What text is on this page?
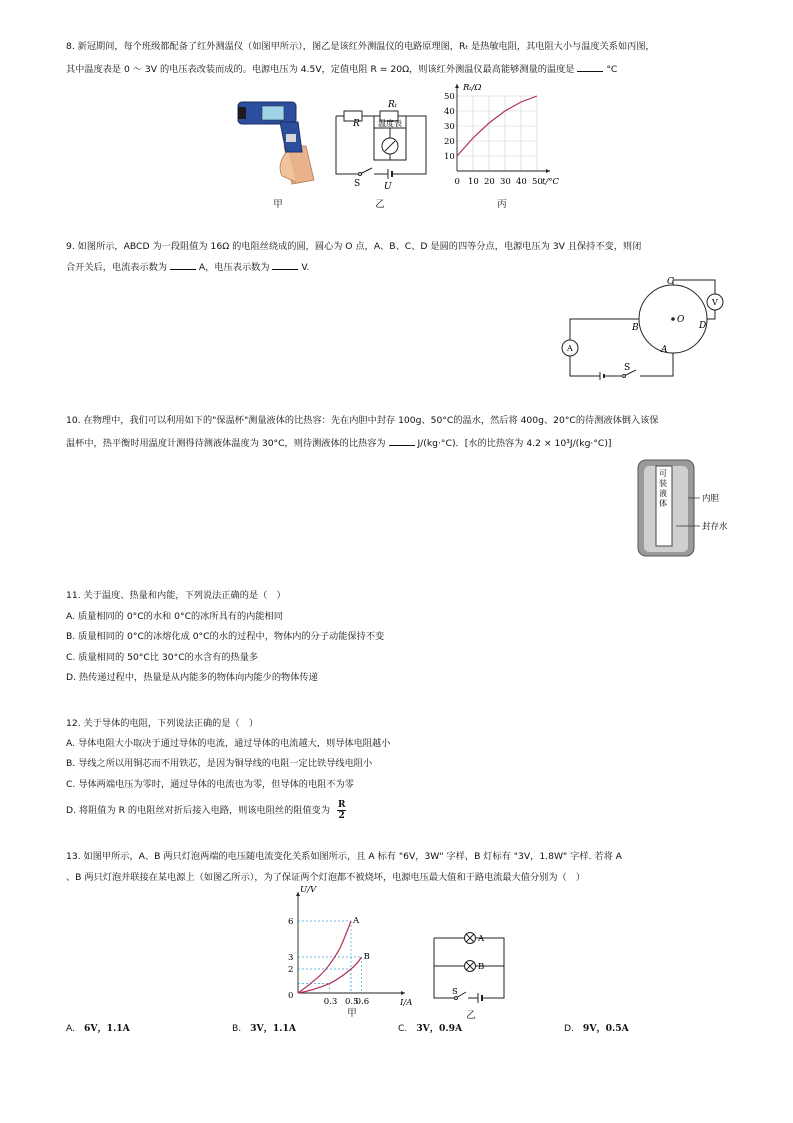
8. 新冠期间，每个班级都配备了红外测温仪（如图甲所示），图乙是该红外测温仪的电路原理图，Rₜ 是热敏电阻，其电阻大小与温度关系如丙图，
其中温度表是 0 ～ 3V 的电压表改装而成的。电源电压为 4.5V，定值电阻 R = 20Ω，则该红外测温仪最高能够测量的温度是	°C
R
Rₜ
温度表
S	U
10
20
30
40
50
0 10 20 30 40 50
Rₜ/Ω
t/°C
甲	乙	丙
9. 如图所示，ABCD 为一段阻值为 16Ω 的电阻丝绕成的圆，圆心为 O 点，A、B、C、D 是圆的四等分点，电源电压为 3V 且保持不变，则闭
合开关后，电流表示数为	A，电压表示数为	V.
C
B
O
D
A
S
A
V
10. 在物理中，我们可以利用如下的"保温杯"测量液体的比热容：先在内胆中封存 100g、50°C的温水，然后将 400g、20°C的待测液体倒入该保
温杯中，热平衡时用温度计测得待测液体温度为 30°C，则待测液体的比热容为	J/(kg·°C)．[水的比热容为 4.2 × 10³J/(kg·°C)]
可装液体	内胆
封存水
11. 关于温度、热量和内能，下列说法正确的是（　）
A. 质量相同的 0°C的水和 0°C的冰所具有的内能相同
B. 质量相同的 0°C的冰熔化成 0°C的水的过程中，物体内的分子动能保持不变
C. 质量相同的 50°C比 30°C的水含有的热量多
D. 热传递过程中，热量是从内能多的物体向内能少的物体传递
12. 关于导体的电阻，下列说法正确的是（　）
A. 导体电阻大小取决于通过导体的电流，通过导体的电流越大，则导体电阻越小
B. 导线之所以用铜芯而不用铁芯，是因为铜导线的电阻一定比铁导线电阻小
C. 导体两端电压为零时，通过导体的电流也为零，但导体的电阻不为零
D. 将阻值为 R 的电阻丝对折后接入电路，则该电阻丝的阻值变为 $\frac{R}{2}$
13. 如图甲所示，A、B 两只灯泡两端的电压随电流变化关系如图所示，且 A 标有 "6V，3W" 字样，B 灯标有 "3V，1.8W" 字样. 若将 A
、B 两只灯泡并联接在某电源上（如图乙所示），为了保证两个灯泡都不被烧坏，电源电压最大值和干路电流最大值分别为（　）
A
B
6
3
2
0.3 0.5
0.6
U/V
I/A
0
A
B
S
甲	乙
A. 6V，1.1A	B. 3V，1.1A	C. 3V，0.9A	D. 9V，0.5A
